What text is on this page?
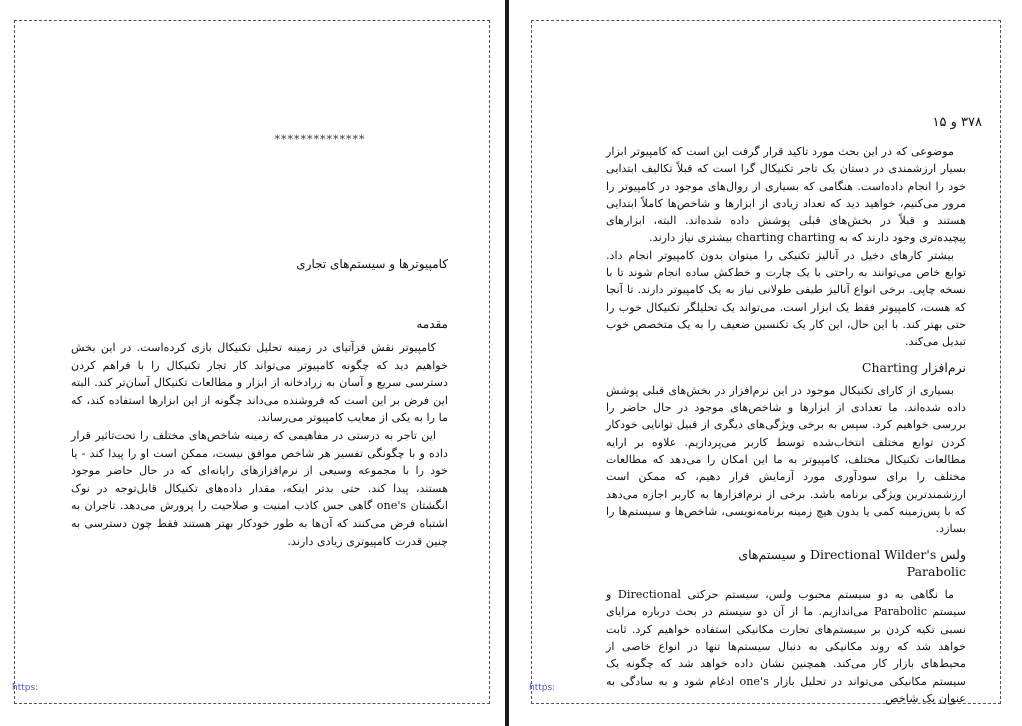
**************
کامپیوترها و سیستم‌های تجاری
مقدمه

کامپیوتر نقش فزآتیای در زمینه تحلیل تکنیکال بازی کرده‌است. در این بخش خواهیم دید که چگونه کامپیوتر می‌تواند کار تجار تکنیکال را با فراهم کردن دسترسی سریع و آسان به زرادخانه از ابزار و مطالعات تکنیکال آسان‌تر کند. البته این فرض بر این است که فروشنده می‌داند چگونه از این ابزارها استفاده کند، که ما را به یکی از معایب کامپیوتر می‌رساند.

این تاجر به درستی در مفاهیمی که زمینه شاخص‌های مختلف را تحت‌تاثیر قرار داده و با چگونگی تفسیر هر شاخص موافق نیست، ممکن است او را پیدا کند - یا خود را با مجموعه وسیعی از نرم‌افزارهای رایانه‌ای که در حال حاضر موجود هستند، پیدا کند. حتی بدتر اینکه، مقدار داده‌های تکنیکال قابل‌توجه در نوک انگشتان one's گاهی حس کاذب امنیت و صلاحیت را پرورش می‌دهد. تاجران به اشتباه فرض می‌کنند که آن‌ها به طور خودکار بهتر هستند فقط چون دسترسی به چنین قدرت کامپیوتری زیادی دارند.

https:
۳۷۸ و ۱۵

موضوعی که در این بحث مورد تاکید قرار گرفت این است که کامپیوتر ابزار بسیار ارزشمندی در دستان یک تاجر تکنیکال گرا است که قبلاً تکالیف ابتدایی خود را انجام داده‌است. هنگامی که بسیاری از روال‌های موجود در کامپیوتر را مرور می‌کنیم، خواهید دید که تعداد زیادی از ابزارها و شاخص‌ها کاملاً ابتدایی هستند و قبلاً در بخش‌های قبلی پوشش داده شده‌اند. البته، ابزارهای پیچیده‌تری وجود دارند که به charting charting بیشتری نیاز دارند.

بیشتر کارهای دخیل در آنالیز تکنیکی را میتوان بدون کامپیوتر انجام داد. توابع خاص می‌توانند به راحتی با یک چارت و خط‌کش ساده انجام شوند تا با نسخه چاپی. برخی انواع آنالیز طیفی طولانی نیاز به یک کامپیوتر دارند. تا آنجا که هست، کامپیوتر فقط یک ابزار است. می‌تواند یک تحلیلگر تکنیکال خوب را حتی بهتر کند. با این حال، این کار یک تکنسین ضعیف را به یک متخصص خوب تبدیل می‌کند.

نرم‌افزار Charting

بسیاری از کارای تکنیکال موجود در این نرم‌افزار در بخش‌های قبلی پوشش داده شده‌اند. ما تعدادی از ابزارها و شاخص‌های موجود در حال حاضر را بررسی خواهیم کرد. سپس به برخی ویژگی‌های دیگری از قبیل توانایی خودکار کردن توابع مختلف انتخاب‌شده توسط کاربر می‌پردازیم. علاوه بر ارایه مطالعات تکنیکال مختلف، کامپیوتر به ما این امکان را می‌دهد که مطالعات مختلف را برای سودآوری مورد آزمایش قرار دهیم، که ممکن است ارزشمندترین ویژگی برنامه باشد. برخی از نرم‌افزارها به کاربر اجازه می‌دهد که با پس‌زمینه کمی یا بدون هیچ زمینه برنامه‌نویسی، شاخص‌ها و سیستم‌ها را بسازد.

ولس Directional Wilder's و سیستم‌های
Parabolic

ما نگاهی به دو سیستم محبوب ولس، سیستم حرکتی Directional و سیستم Parabolic می‌اندازیم. ما از آن دو سیستم در بحث درباره مزایای نسبی تکیه کردن بر سیستم‌های تجارت مکانیکی استفاده خواهیم کرد. ثابت خواهد شد که روند مکانیکی به دنبال سیستم‌ها تنها در انواع خاصی از محیط‌های بازار کار می‌کند. همچنین نشان داده خواهد شد که چگونه یک سیستم مکانیکی می‌تواند در تحلیل بازار one's ادغام شود و به سادگی به عنوان یک شاخص

https:
